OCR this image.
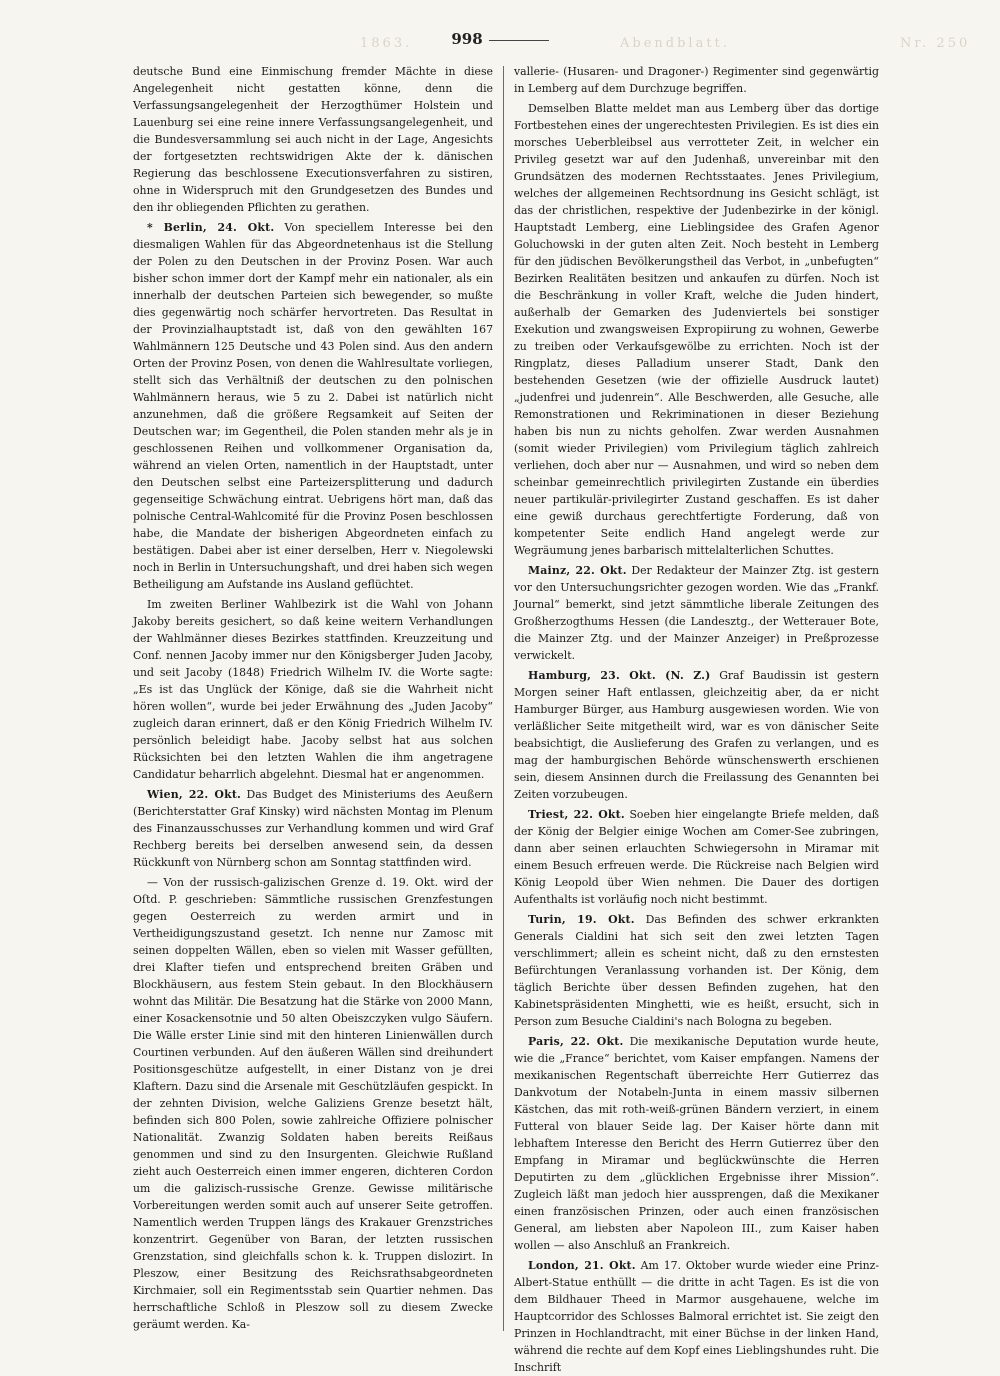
1863.	Abendblatt.	Nr. 250
998

deutsche Bund eine Einmischung fremder Mächte in diese Angelegenheit nicht gestatten könne, denn die Verfassungsangelegenheit der Herzogthümer Holstein und Lauenburg sei eine reine innere Verfassungsangelegenheit, und die Bundesversammlung sei auch nicht in der Lage, Angesichts der fortgesetzten rechtswidrigen Akte der k. dänischen Regierung das beschlossene Executionsverfahren zu sistiren, ohne in Widerspruch mit den Grundgesetzen des Bundes und den ihr obliegenden Pflichten zu gerathen.

* Berlin, 24. Okt. Von speciellem Interesse bei den diesmaligen Wahlen für das Abgeordnetenhaus ist die Stellung der Polen zu den Deutschen in der Provinz Posen. War auch bisher schon immer dort der Kampf mehr ein nationaler, als ein innerhalb der deutschen Parteien sich bewegender, so mußte dies gegenwärtig noch schärfer hervortreten. Das Resultat in der Provinzialhauptstadt ist, daß von den gewählten 167 Wahlmännern 125 Deutsche und 43 Polen sind. Aus den andern Orten der Provinz Posen, von denen die Wahlresultate vorliegen, stellt sich das Verhältniß der deutschen zu den polnischen Wahlmännern heraus, wie 5 zu 2. Dabei ist natürlich nicht anzunehmen, daß die größere Regsamkeit auf Seiten der Deutschen war; im Gegentheil, die Polen standen mehr als je in geschlossenen Reihen und vollkommener Organisation da, während an vielen Orten, namentlich in der Hauptstadt, unter den Deutschen selbst eine Parteizersplitterung und dadurch gegenseitige Schwächung eintrat. Uebrigens hört man, daß das polnische Central-Wahlcomité für die Provinz Posen beschlossen habe, die Mandate der bisherigen Abgeordneten einfach zu bestätigen. Dabei aber ist einer derselben, Herr v. Niegolewski noch in Berlin in Untersuchungshaft, und drei haben sich wegen Betheiligung am Aufstande ins Ausland geflüchtet.

Im zweiten Berliner Wahlbezirk ist die Wahl von Johann Jakoby bereits gesichert, so daß keine weitern Verhandlungen der Wahlmänner dieses Bezirkes stattfinden. Kreuzzeitung und Conf. nennen Jacoby immer nur den Königsberger Juden Jacoby, und seit Jacoby (1848) Friedrich Wilhelm IV. die Worte sagte: „Es ist das Unglück der Könige, daß sie die Wahrheit nicht hören wollen“, wurde bei jeder Erwähnung des „Juden Jacoby“ zugleich daran erinnert, daß er den König Friedrich Wilhelm IV. persönlich beleidigt habe. Jacoby selbst hat aus solchen Rücksichten bei den letzten Wahlen die ihm angetragene Candidatur beharrlich abgelehnt. Diesmal hat er angenommen.

Wien, 22. Okt. Das Budget des Ministeriums des Aeußern (Berichterstatter Graf Kinsky) wird nächsten Montag im Plenum des Finanzausschusses zur Verhandlung kommen und wird Graf Rechberg bereits bei derselben anwesend sein, da dessen Rückkunft von Nürnberg schon am Sonntag stattfinden wird.

— Von der russisch-galizischen Grenze d. 19. Okt. wird der Oſtd. P. geschrieben: Sämmtliche russischen Grenzfestungen gegen Oesterreich zu werden armirt und in Vertheidigungszustand gesetzt. Ich nenne nur Zamosc mit seinen doppelten Wällen, eben so vielen mit Wasser gefüllten, drei Klafter tiefen und entsprechend breiten Gräben und Blockhäusern, aus festem Stein gebaut. In den Blockhäusern wohnt das Militär. Die Besatzung hat die Stärke von 2000 Mann, einer Kosackensotnie und 50 alten Obeiszczyken vulgo Säufern. Die Wälle erster Linie sind mit den hinteren Linienwällen durch Courtinen verbunden. Auf den äußeren Wällen sind dreihundert Positionsgeschütze aufgestellt, in einer Distanz von je drei Klaftern. Dazu sind die Arsenale mit Geschützläufen gespickt. In der zehnten Division, welche Galiziens Grenze besetzt hält, befinden sich 800 Polen, sowie zahlreiche Offiziere polnischer Nationalität. Zwanzig Soldaten haben bereits Reißaus genommen und sind zu den Insurgenten. Gleichwie Rußland zieht auch Oesterreich einen immer engeren, dichteren Cordon um die galizisch-russische Grenze. Gewisse militärische Vorbereitungen werden somit auch auf unserer Seite getroffen. Namentlich werden Truppen längs des Krakauer Grenzstriches konzentrirt. Gegenüber von Baran, der letzten russischen Grenzstation, sind gleichfalls schon k. k. Truppen dislozirt. In Pleszow, einer Besitzung des Reichsrathsabgeordneten Kirchmaier, soll ein Regimentsstab sein Quartier nehmen. Das herrschaftliche Schloß in Pleszow soll zu diesem Zwecke geräumt werden. Ka-

vallerie- (Husaren- und Dragoner-) Regimenter sind gegenwärtig in Lemberg auf dem Durchzuge begriffen.

Demselben Blatte meldet man aus Lemberg über das dortige Fortbestehen eines der ungerechtesten Privilegien. Es ist dies ein morsches Ueberbleibsel aus verrotteter Zeit, in welcher ein Privileg gesetzt war auf den Judenhaß, unvereinbar mit den Grundsätzen des modernen Rechtsstaates. Jenes Privilegium, welches der allgemeinen Rechtsordnung ins Gesicht schlägt, ist das der christlichen, respektive der Judenbezirke in der königl. Hauptstadt Lemberg, eine Lieblingsidee des Grafen Agenor Goluchowski in der guten alten Zeit. Noch besteht in Lemberg für den jüdischen Bevölkerungstheil das Verbot, in „unbefugten“ Bezirken Realitäten besitzen und ankaufen zu dürfen. Noch ist die Beschränkung in voller Kraft, welche die Juden hindert, außerhalb der Gemarken des Judenviertels bei sonstiger Exekution und zwangsweisen Expropiirung zu wohnen, Gewerbe zu treiben oder Verkaufsgewölbe zu errichten. Noch ist der Ringplatz, dieses Palladium unserer Stadt, Dank den bestehenden Gesetzen (wie der offizielle Ausdruck lautet) „judenfrei und judenrein“. Alle Beschwerden, alle Gesuche, alle Remonstrationen und Rekriminationen in dieser Beziehung haben bis nun zu nichts geholfen. Zwar werden Ausnahmen (somit wieder Privilegien) vom Privilegium täglich zahlreich verliehen, doch aber nur — Ausnahmen, und wird so neben dem scheinbar gemeinrechtlich privilegirten Zustande ein überdies neuer partikulär-privilegirter Zustand geschaffen. Es ist daher eine gewiß durchaus gerechtfertigte Forderung, daß von kompetenter Seite endlich Hand angelegt werde zur Wegräumung jenes barbarisch mittelalterlichen Schuttes.

Mainz, 22. Okt. Der Redakteur der Mainzer Ztg. ist gestern vor den Untersuchungsrichter gezogen worden. Wie das „Frankf. Journal“ bemerkt, sind jetzt sämmtliche liberale Zeitungen des Großherzogthums Hessen (die Landesztg., der Wetterauer Bote, die Mainzer Ztg. und der Mainzer Anzeiger) in Preßprozesse verwickelt.

Hamburg, 23. Okt. (N. Z.) Graf Baudissin ist gestern Morgen seiner Haft entlassen, gleichzeitig aber, da er nicht Hamburger Bürger, aus Hamburg ausgewiesen worden. Wie von verläßlicher Seite mitgetheilt wird, war es von dänischer Seite beabsichtigt, die Auslieferung des Grafen zu verlangen, und es mag der hamburgischen Behörde wünschenswerth erschienen sein, diesem Ansinnen durch die Freilassung des Genannten bei Zeiten vorzubeugen.

Triest, 22. Okt. Soeben hier eingelangte Briefe melden, daß der König der Belgier einige Wochen am Comer-See zubringen, dann aber seinen erlauchten Schwiegersohn in Miramar mit einem Besuch erfreuen werde. Die Rückreise nach Belgien wird König Leopold über Wien nehmen. Die Dauer des dortigen Aufenthalts ist vorläufig noch nicht bestimmt.

Turin, 19. Okt. Das Befinden des schwer erkrankten Generals Cialdini hat sich seit den zwei letzten Tagen verschlimmert; allein es scheint nicht, daß zu den ernstesten Befürchtungen Veranlassung vorhanden ist. Der König, dem täglich Berichte über dessen Befinden zugehen, hat den Kabinetspräsidenten Minghetti, wie es heißt, ersucht, sich in Person zum Besuche Cialdini's nach Bologna zu begeben.

Paris, 22. Okt. Die mexikanische Deputation wurde heute, wie die „France“ berichtet, vom Kaiser empfangen. Namens der mexikanischen Regentschaft überreichte Herr Gutierrez das Dankvotum der Notabeln-Junta in einem massiv silbernen Kästchen, das mit roth-weiß-grünen Bändern verziert, in einem Futteral von blauer Seide lag. Der Kaiser hörte dann mit lebhaftem Interesse den Bericht des Herrn Gutierrez über den Empfang in Miramar und beglückwünschte die Herren Deputirten zu dem „glücklichen Ergebnisse ihrer Mission“. Zugleich läßt man jedoch hier aussprengen, daß die Mexikaner einen französischen Prinzen, oder auch einen französischen General, am liebsten aber Napoleon III., zum Kaiser haben wollen — also Anschluß an Frankreich.

London, 21. Okt. Am 17. Oktober wurde wieder eine Prinz-Albert-Statue enthüllt — die dritte in acht Tagen. Es ist die von dem Bildhauer Theed in Marmor ausgehauene, welche im Hauptcorridor des Schlosses Balmoral errichtet ist. Sie zeigt den Prinzen in Hochlandtracht, mit einer Büchse in der linken Hand, während die rechte auf dem Kopf eines Lieblingshundes ruht. Die Inschrift
